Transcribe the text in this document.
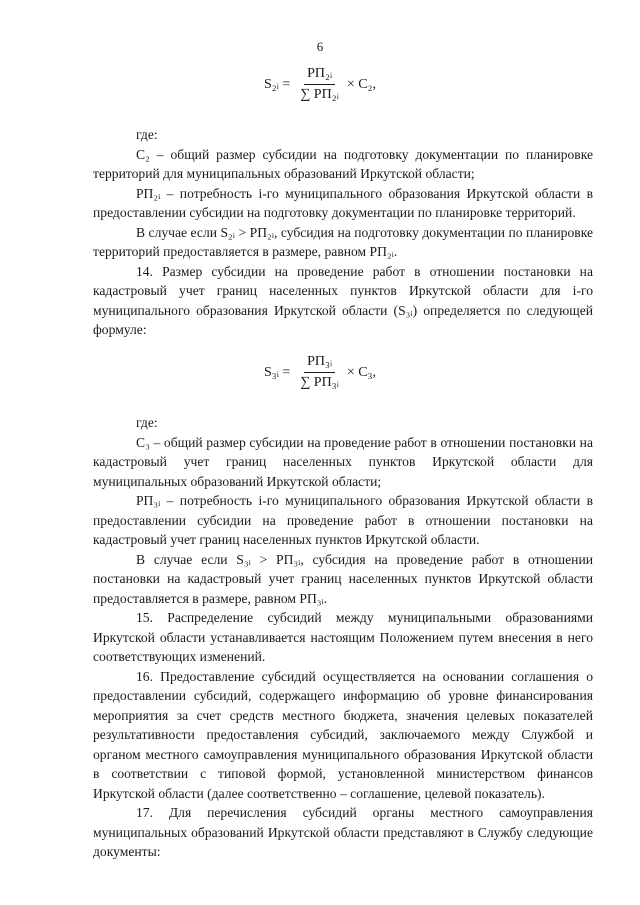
6
S₂ᵢ = $\frac{\text{РП₂ᵢ}}{\text{∑ РП₂ᵢ}} \times C_2$,

где:

C₂ – общий размер субсидии на подготовку документации по планировке территорий для муниципальных образований Иркутской области;

РП₂ᵢ – потребность i-го муниципального образования Иркутской области в предоставлении субсидии на подготовку документации по планировке территорий.

В случае если S₂ᵢ > РП₂ᵢ, субсидия на подготовку документации по планировке территорий предоставляется в размере, равном РП₂ᵢ.

14. Размер субсидии на проведение работ в отношении постановки на кадастровый учет границ населенных пунктов Иркутской области для i-го муниципального образования Иркутской области (S₃ᵢ) определяется по следующей формуле:

S₃ᵢ = $\frac{\text{РП₃ᵢ}}{\text{∑ РП₃ᵢ}} \times C_3$,

где:

C₃ – общий размер субсидии на проведение работ в отношении постановки на кадастровый учет границ населенных пунктов Иркутской области для муниципальных образований Иркутской области;

РП₃ᵢ – потребность i-го муниципального образования Иркутской области в предоставлении субсидии на проведение работ в отношении постановки на кадастровый учет границ населенных пунктов Иркутской области.

В случае если S₃ᵢ > РП₃ᵢ, субсидия на проведение работ в отношении постановки на кадастровый учет границ населенных пунктов Иркутской области предоставляется в размере, равном РП₃ᵢ.

15. Распределение субсидий между муниципальными образованиями Иркутской области устанавливается настоящим Положением путем внесения в него соответствующих изменений.

16. Предоставление субсидий осуществляется на основании соглашения о предоставлении субсидий, содержащего информацию об уровне финансирования мероприятия за счет средств местного бюджета, значения целевых показателей результативности предоставления субсидий, заключаемого между Службой и органом местного самоуправления муниципального образования Иркутской области в соответствии с типовой формой, установленной министерством финансов Иркутской области (далее соответственно – соглашение, целевой показатель).

17. Для перечисления субсидий органы местного самоуправления муниципальных образований Иркутской области представляют в Службу следующие документы:
